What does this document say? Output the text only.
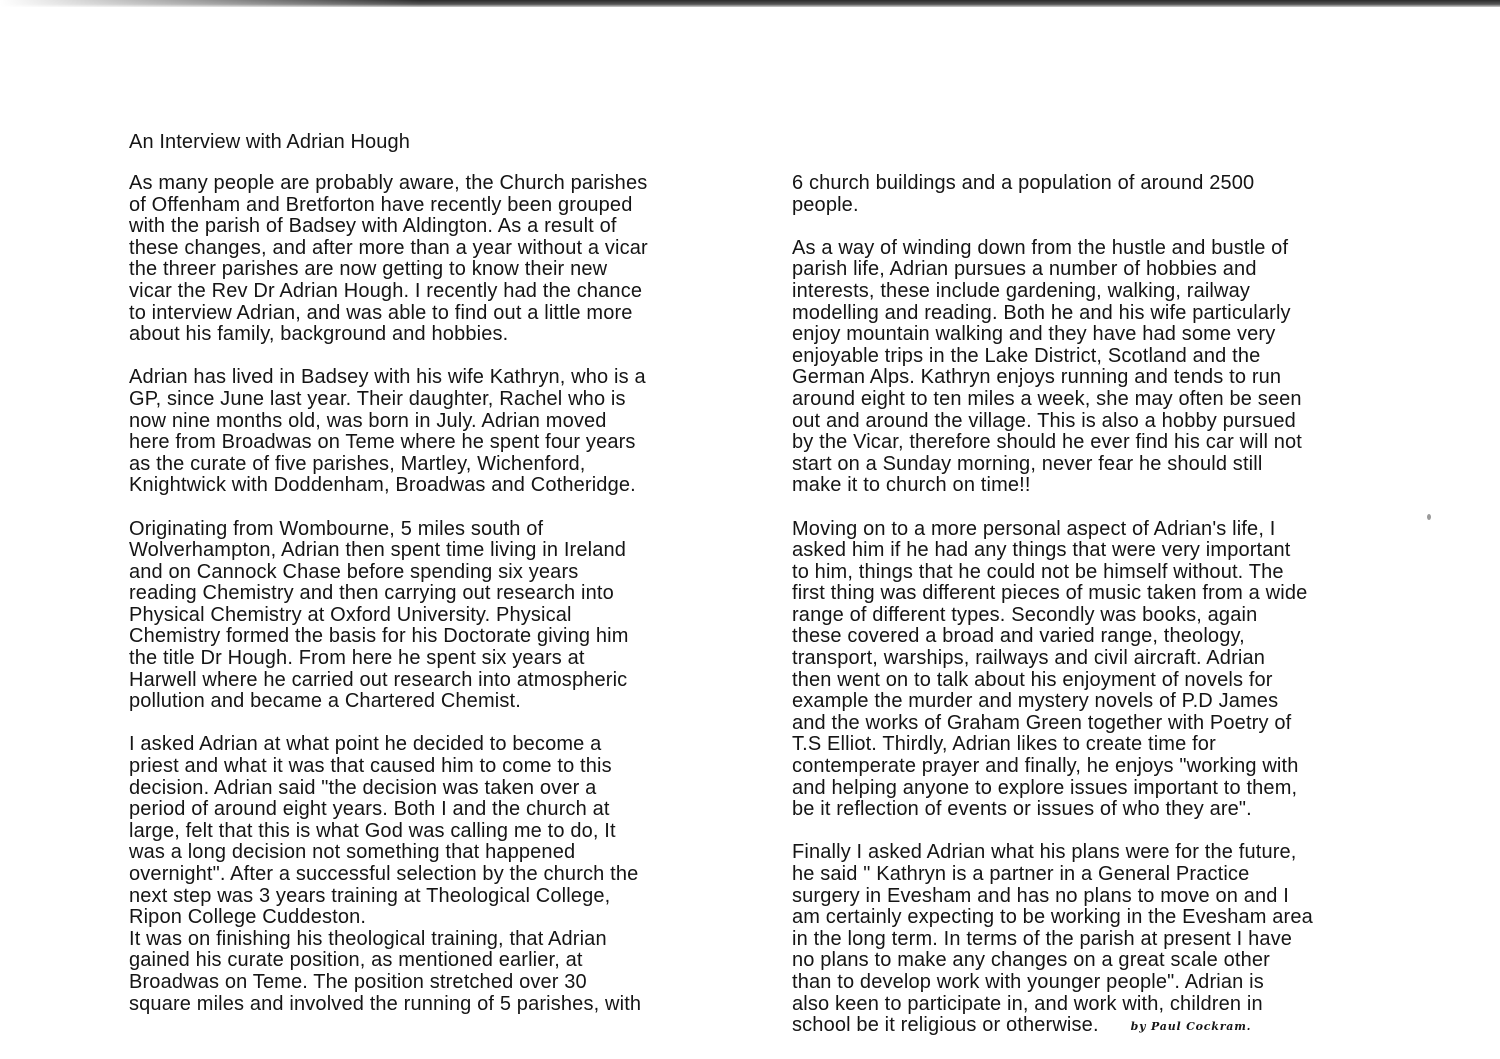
An Interview with Adrian Hough
As many people are probably aware, the Church parishes
of Offenham and Bretforton have recently been grouped
with the parish of Badsey with Aldington. As a result of
these changes, and after more than a year without a vicar
the threer parishes are now getting to know their new
vicar the Rev Dr Adrian Hough. I recently had the chance
to interview Adrian, and was able to find out a little more
about his family, background and hobbies.
Adrian has lived in Badsey with his wife Kathryn, who is a
GP, since June last year. Their daughter, Rachel who is
now nine months old, was born in July. Adrian moved
here from Broadwas on Teme where he spent four years
as the curate of five parishes, Martley, Wichenford,
Knightwick with Doddenham, Broadwas and Cotheridge.
Originating from Wombourne, 5 miles south of
Wolverhampton, Adrian then spent time living in Ireland
and on Cannock Chase before spending six years
reading Chemistry and then carrying out research into
Physical Chemistry at Oxford University. Physical
Chemistry formed the basis for his Doctorate giving him
the title Dr Hough. From here he spent six years at
Harwell where he carried out research into atmospheric
pollution and became a Chartered Chemist.
I asked Adrian at what point he decided to become a
priest and what it was that caused him to come to this
decision. Adrian said "the decision was taken over a
period of around eight years. Both I and the church at
large, felt that this is what God was calling me to do, It
was a long decision not something that happened
overnight". After a successful selection by the church the
next step was 3 years training at Theological College,
Ripon College Cuddeston.
It was on finishing his theological training, that Adrian
gained his curate position, as mentioned earlier, at
Broadwas on Teme. The position stretched over 30
square miles and involved the running of 5 parishes, with
6 church buildings and a population of around 2500
people.
As a way of winding down from the hustle and bustle of
parish life, Adrian pursues a number of hobbies and
interests, these include gardening, walking, railway
modelling and reading. Both he and his wife particularly
enjoy mountain walking and they have had some very
enjoyable trips in the Lake District, Scotland and the
German Alps. Kathryn enjoys running and tends to run
around eight to ten miles a week, she may often be seen
out and around the village. This is also a hobby pursued
by the Vicar, therefore should he ever find his car will not
start on a Sunday morning, never fear he should still
make it to church on time!!
Moving on to a more personal aspect of Adrian's life, I
asked him if he had any things that were very important
to him, things that he could not be himself without. The
first thing was different pieces of music taken from a wide
range of different types. Secondly was books, again
these covered a broad and varied range, theology,
transport, warships, railways and civil aircraft. Adrian
then went on to talk about his enjoyment of novels for
example the murder and mystery novels of P.D James
and the works of Graham Green together with Poetry of
T.S Elliot. Thirdly, Adrian likes to create time for
contemperate prayer and finally, he enjoys "working with
and helping anyone to explore issues important to them,
be it reflection of events or issues of who they are".
Finally I asked Adrian what his plans were for the future,
he said " Kathryn is a partner in a General Practice
surgery in Evesham and has no plans to move on and I
am certainly expecting to be working in the Evesham area
in the long term. In terms of the parish at present I have
no plans to make any changes on a great scale other
than to develop work with younger people". Adrian is
also keen to participate in, and work with, children in
school be it religious or otherwise.	by Paul Cockram.
